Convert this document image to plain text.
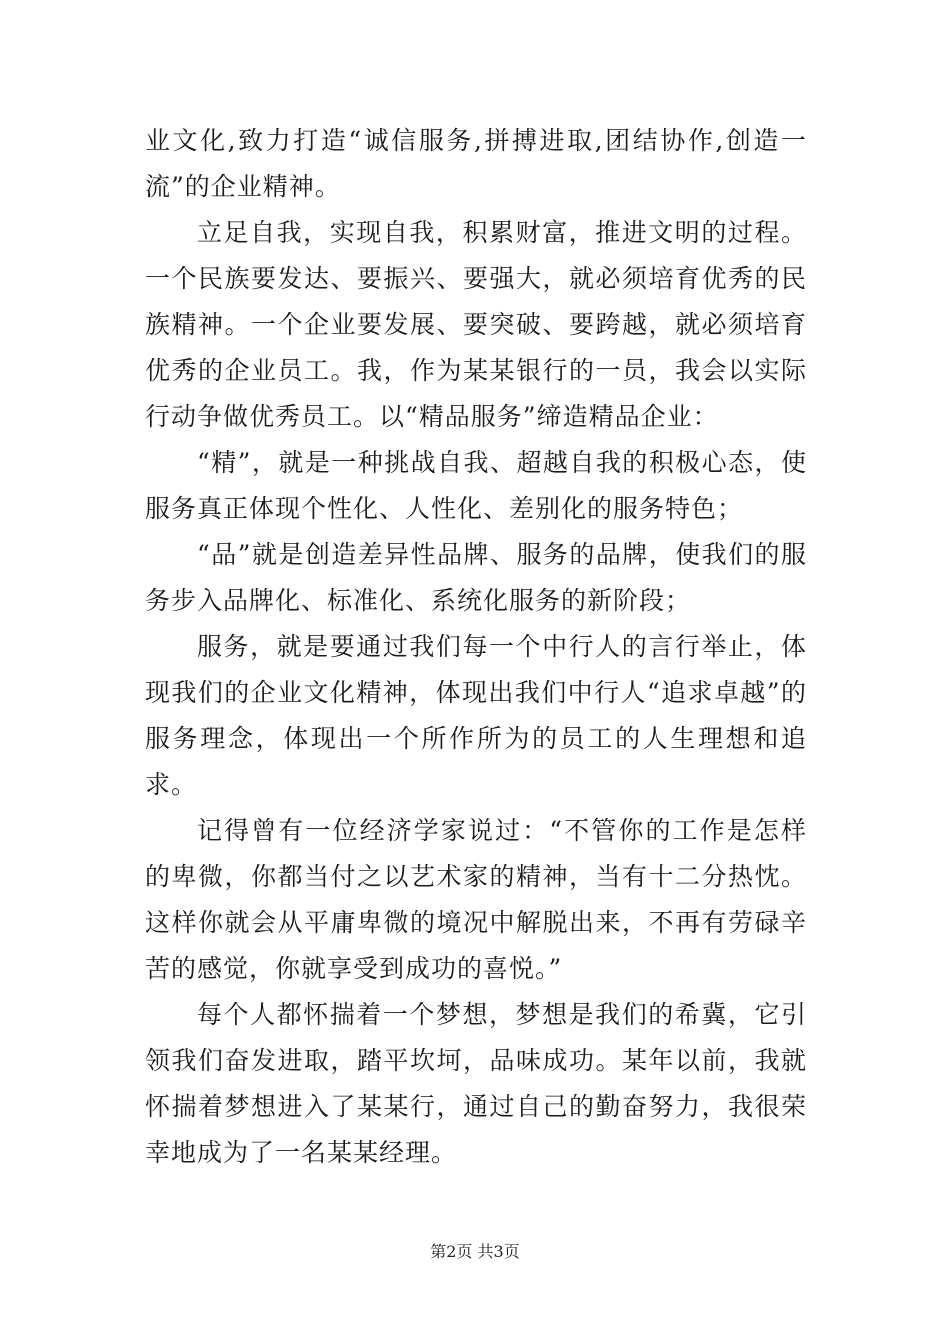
业文化,致力打造“诚信服务,拼搏进取,团结协作,创造一流”的企业精神。

立足自我，实现自我，积累财富，推进文明的过程。一个民族要发达、要振兴、要强大，就必须培育优秀的民族精神。一个企业要发展、要突破、要跨越，就必须培育优秀的企业员工。我，作为某某银行的一员，我会以实际行动争做优秀员工。以“精品服务”缔造精品企业：

“精”，就是一种挑战自我、超越自我的积极心态，使服务真正体现个性化、人性化、差别化的服务特色；

“品”就是创造差异性品牌、服务的品牌，使我们的服务步入品牌化、标准化、系统化服务的新阶段；

服务，就是要通过我们每一个中行人的言行举止，体现我们的企业文化精神，体现出我们中行人“追求卓越”的服务理念，体现出一个所作所为的员工的人生理想和追求。

记得曾有一位经济学家说过：“不管你的工作是怎样的卑微，你都当付之以艺术家的精神，当有十二分热忱。这样你就会从平庸卑微的境况中解脱出来，不再有劳碌辛苦的感觉，你就享受到成功的喜悦。”

每个人都怀揣着一个梦想，梦想是我们的希冀，它引领我们奋发进取，踏平坎坷，品味成功。某年以前，我就怀揣着梦想进入了某某行，通过自己的勤奋努力，我很荣幸地成为了一名某某经理。

第2页 共3页
